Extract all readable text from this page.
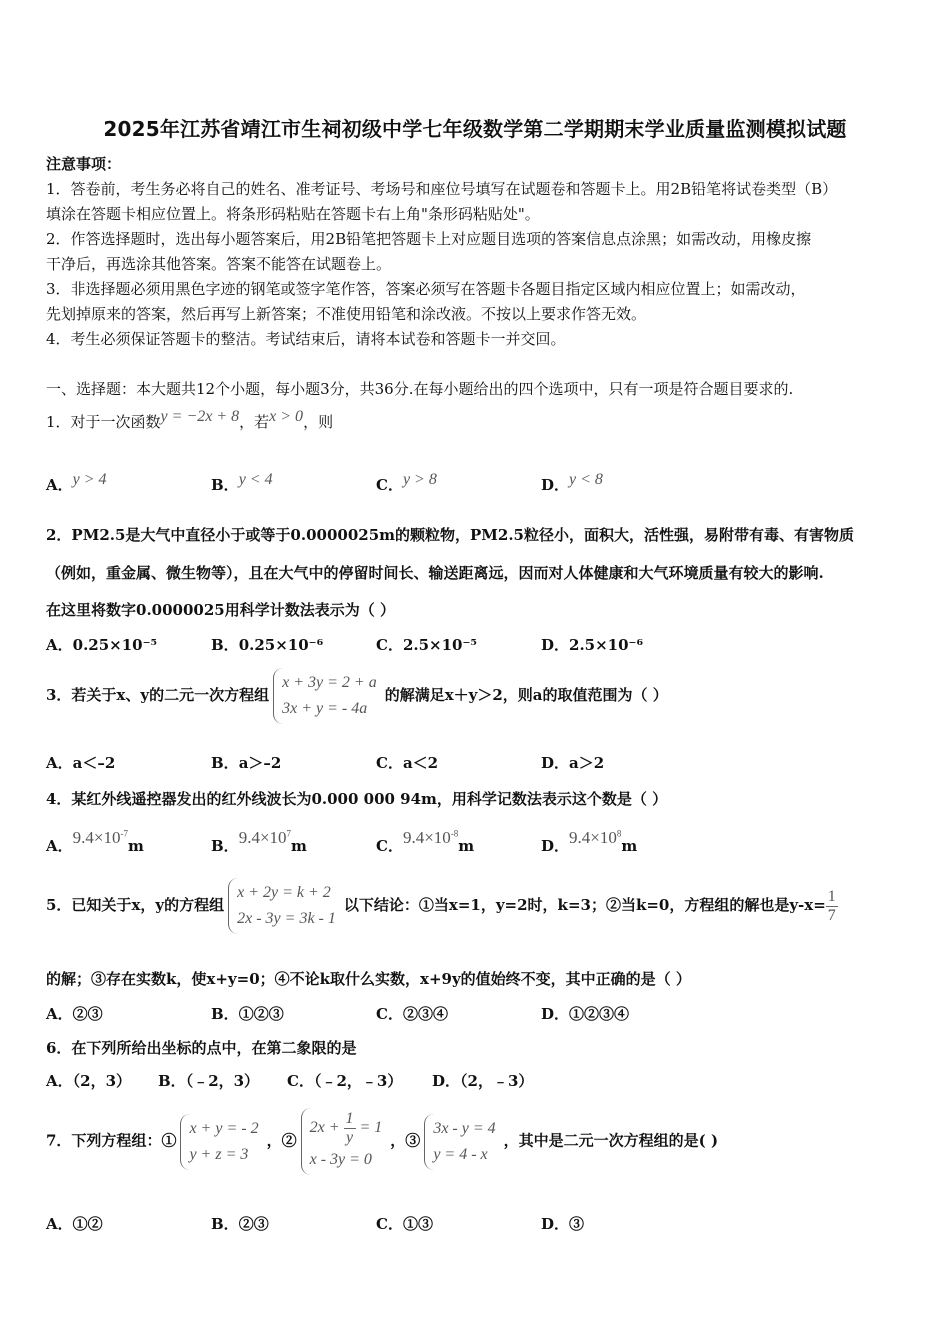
2025年江苏省靖江市生祠初级中学七年级数学第二学期期末学业质量监测模拟试题
注意事项：
1．答卷前，考生务必将自己的姓名、准考证号、考场号和座位号填写在试题卷和答题卡上。用2B铅笔将试卷类型（B）
填涂在答题卡相应位置上。将条形码粘贴在答题卡右上角"条形码粘贴处"。
2．作答选择题时，选出每小题答案后，用2B铅笔把答题卡上对应题目选项的答案信息点涂黑；如需改动，用橡皮擦
干净后，再选涂其他答案。答案不能答在试题卷上。
3．非选择题必须用黑色字迹的钢笔或签字笔作答，答案必须写在答题卡各题目指定区域内相应位置上；如需改动，
先划掉原来的答案，然后再写上新答案；不准使用铅笔和涂改液。不按以上要求作答无效。
4．考生必须保证答题卡的整洁。考试结束后，请将本试卷和答题卡一并交回。
一、选择题：本大题共12个小题，每小题3分，共36分.在每小题给出的四个选项中，只有一项是符合题目要求的.
1．对于一次函数y = −2x + 8，若x > 0，则
A．y > 4	B．y < 4	C．y > 8	D．y < 8
2．PM2.5是大气中直径小于或等于0.0000025m的颗粒物，PM2.5粒径小，面积大，活性强，易附带有毒、有害物质
（例如，重金属、微生物等），且在大气中的停留时间长、输送距离远，因而对人体健康和大气环境质量有较大的影响.
在这里将数字0.0000025用科学计数法表示为（ ）
A．0.25×10⁻⁵	B．0.25×10⁻⁶	C．2.5×10⁻⁵	D．2.5×10⁻⁶
3．若关于x、y的二元一次方程组
x + 3y = 2 + a
3x + y = - 4a
的解满足x＋y＞2，则a的取值范围为（ ）
A．a＜–2	B．a＞–2	C．a＜2	D．a＞2
4．某红外线遥控器发出的红外线波长为0.000 000 94m，用科学记数法表示这个数是（ ）
A．$9.4\times 10^{-7}m$	B．$9.4\times 10^7m$	C．$9.4\times 10^{-8}m$	D．$9.4\times 10^8m$
5．已知关于x，y的方程组
x + 2y = k + 2
2x - 3y = 3k - 1
以下结论：①当x=1，y=2时，k=3；②当k=0，方程组的解也是$y-x= \frac{1}{7}$
的解；③存在实数k，使x+y=0；④不论k取什么实数，x+9y的值始终不变，其中正确的是（ ）
A．②③	B．①②③	C．②③④	D．①②③④
6．在下列所给出坐标的点中，在第二象限的是
A．（2，3） B．（﹣2，3） C．（﹣2，﹣3） D．（2，﹣3）
7．下列方程组：①
x + y = - 2
y + z = 3
，②
$2x + \frac{1}{y} = 1$
x - 3y = 0
，③
3x - y = 4
y = 4 - x
，其中是二元一次方程组的是( )
A．①②	B．②③	C．①③	D．③
